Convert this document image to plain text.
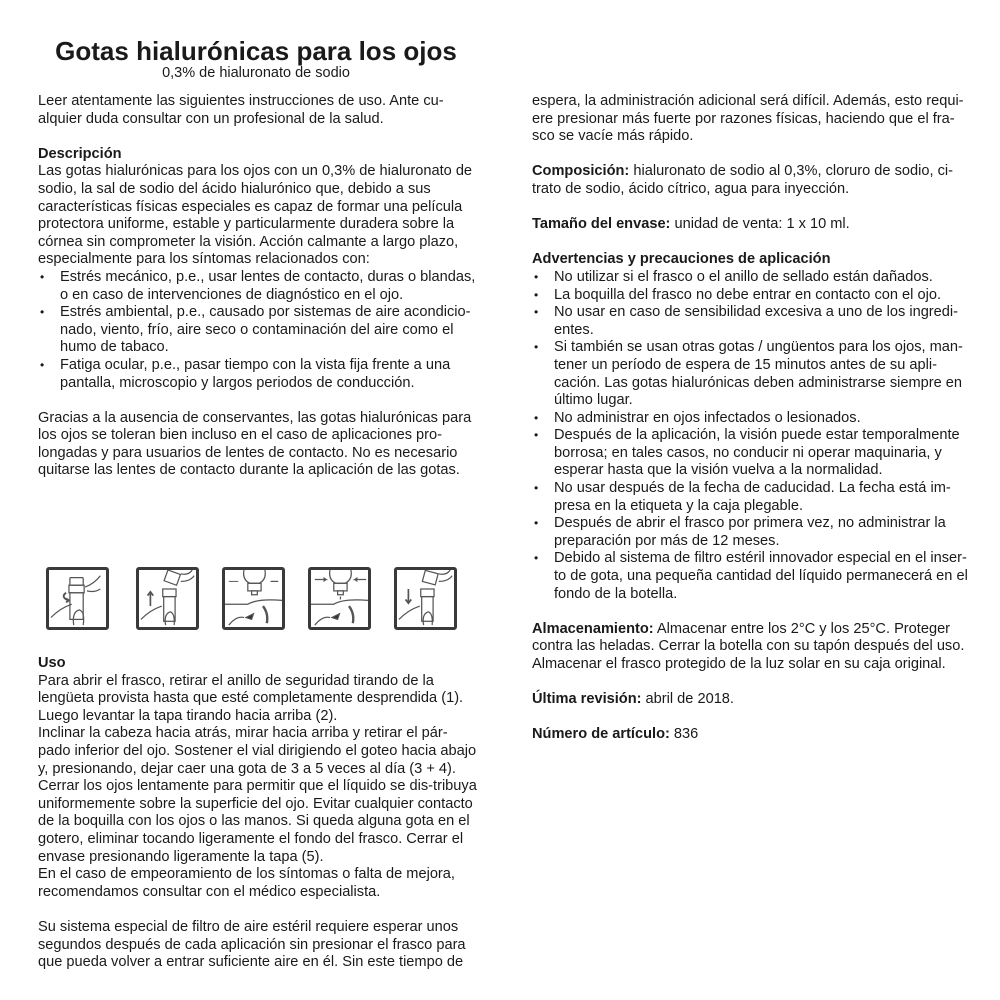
Gotas hialurónicas para los ojos
0,3% de hialuronato de sodio

Leer atentamente las siguientes instrucciones de uso. Ante cu-alquier duda consultar con un profesional de la salud.

Descripción

Las gotas hialurónicas para los ojos con un 0,3% de hialuronato de sodio, la sal de sodio del ácido hialurónico que, debido a sus características físicas especiales es capaz de formar una película protectora uniforme, estable y particularmente duradera sobre la córnea sin comprometer la visión. Acción calmante a largo plazo, especialmente para los síntomas relacionados con:

• Estrés mecánico, p.e., usar lentes de contacto, duras o blandas, o en caso de intervenciones de diagnóstico en el ojo.
• Estrés ambiental, p.e., causado por sistemas de aire acondicio-nado, viento, frío, aire seco o contaminación del aire como el humo de tabaco.
• Fatiga ocular, p.e., pasar tiempo con la vista fija frente a una pantalla, microscopio y largos periodos de conducción.

Gracias a la ausencia de conservantes, las gotas hialurónicas para los ojos se toleran bien incluso en el caso de aplicaciones pro-longadas y para usuarios de lentes de contacto. No es necesario quitarse las lentes de contacto durante la aplicación de las gotas.

Uso

Para abrir el frasco, retirar el anillo de seguridad tirando de la lengüeta provista hasta que esté completamente desprendida (1). Luego levantar la tapa tirando hacia arriba (2).

Inclinar la cabeza hacia atrás, mirar hacia arriba y retirar el pár-pado inferior del ojo. Sostener el vial dirigiendo el goteo hacia abajo y, presionando, dejar caer una gota de 3 a 5 veces al día (3 + 4). Cerrar los ojos lentamente para permitir que el líquido se dis-tribuya uniformemente sobre la superficie del ojo. Evitar cualquier contacto de la boquilla con los ojos o las manos. Si queda alguna gota en el gotero, eliminar tocando ligeramente el fondo del frasco. Cerrar el envase presionando ligeramente la tapa (5).

En el caso de empeoramiento de los síntomas o falta de mejora, recomendamos consultar con el médico especialista.

Su sistema especial de filtro de aire estéril requiere esperar unos segundos después de cada aplicación sin presionar el frasco para que pueda volver a entrar suficiente aire en él. Sin este tiempo de

espera, la administración adicional será difícil. Además, esto requi-ere presionar más fuerte por razones físicas, haciendo que el fra-sco se vacíe más rápido.

Composición: hialuronato de sodio al 0,3%, cloruro de sodio, ci-trato de sodio, ácido cítrico, agua para inyección.

Tamaño del envase: unidad de venta: 1 x 10 ml.

Advertencias y precauciones de aplicación
• No utilizar si el frasco o el anillo de sellado están dañados.
• La boquilla del frasco no debe entrar en contacto con el ojo.
• No usar en caso de sensibilidad excesiva a uno de los ingredi-entes.
• Si también se usan otras gotas / ungüentos para los ojos, man-tener un período de espera de 15 minutos antes de su apli-cación. Las gotas hialurónicas deben administrarse siempre en último lugar.
• No administrar en ojos infectados o lesionados.
• Después de la aplicación, la visión puede estar temporalmente borrosa; en tales casos, no conducir ni operar maquinaria, y esperar hasta que la visión vuelva a la normalidad.
• No usar después de la fecha de caducidad. La fecha está im-presa en la etiqueta y la caja plegable.
• Después de abrir el frasco por primera vez, no administrar la preparación por más de 12 meses.
• Debido al sistema de filtro estéril innovador especial en el inser-to de gota, una pequeña cantidad del líquido permanecerá en el fondo de la botella.

Almacenamiento: Almacenar entre los 2°C y los 25°C. Proteger contra las heladas. Cerrar la botella con su tapón después del uso. Almacenar el frasco protegido de la luz solar en su caja original.

Última revisión: abril de 2018.

Número de artículo: 836
